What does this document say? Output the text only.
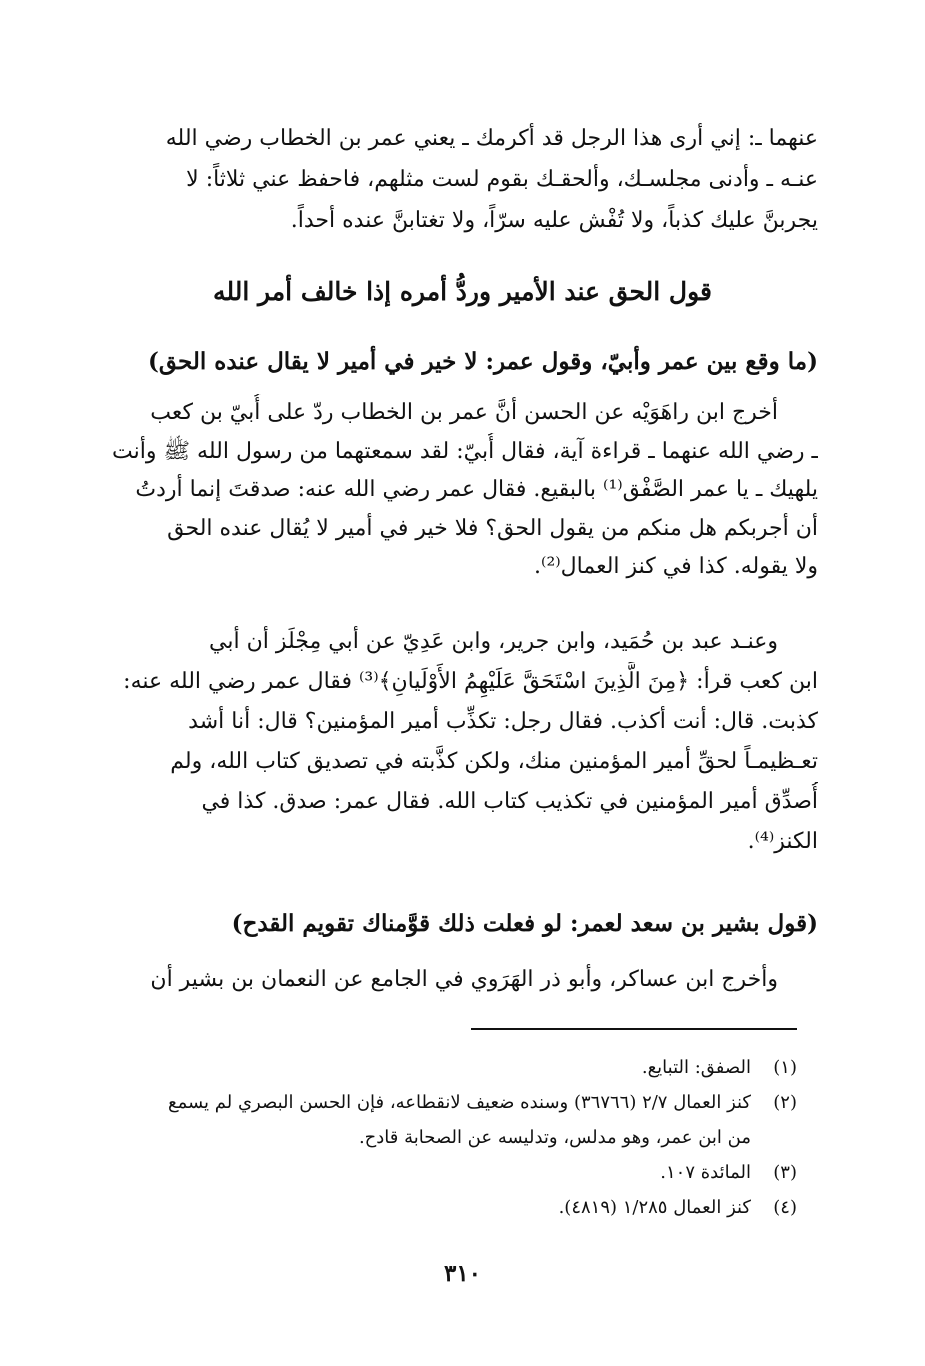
عنهما ـ: إني أرى هذا الرجل قد أكرمك ـ يعني عمر بن الخطاب رضي الله
عنـه ـ وأدنى مجلسـك، وألحقـك بقوم لست مثلهم، فاحفظ عني ثلاثاً: لا
يجربنَّ عليك كذباً، ولا تُفْش عليه سرّاً، ولا تغتابنَّ عنده أحداً.
قول الحق عند الأمير وردُّ أمره إذا خالف أمر الله
(ما وقع بين عمر وأبيّ، وقول عمر: لا خير في أمير لا يقال عنده الحق)
أخرج ابن راهَوَيْه عن الحسن أنَّ عمر بن الخطاب ردّ على أُبيّ بن كعب
ـ رضي الله عنهما ـ قراءة آية، فقال أُبيّ: لقد سمعتهما من رسول الله ﷺ وأنت
يلهيك ـ يا عمر الصَّفْق⁽¹⁾ بالبقيع. فقال عمر رضي الله عنه: صدقتَ إنما أردتُ
أن أجربكم هل منكم من يقول الحق؟ فلا خير في أمير لا يُقال عنده الحق
ولا يقوله. كذا في كنز العمال⁽²⁾.
وعنـد عبد بن حُمَيد، وابن جرير، وابن عَدِيّ عن أبي مِجْلَز أن أبي
ابن كعب قرأ: ﴿مِنَ الَّذِينَ اسْتَحَقَّ عَلَيْهِمُ الأَوْلَيانِ﴾⁽³⁾ فقال عمر رضي الله عنه:
كذبت. قال: أنت أكذب. فقال رجل: تكذِّب أمير المؤمنين؟ قال: أنا أشد
تعـظيمـاً لحقِّ أمير المؤمنين منك، ولكن كذَّبته في تصديق كتاب الله، ولم
أُصدِّق أمير المؤمنين في تكذيب كتاب الله. فقال عمر: صدق. كذا في
الكنز⁽⁴⁾.
(قول بشير بن سعد لعمر: لو فعلت ذلك قوَّمناك تقويم القدح)
وأخرج ابن عساكر، وأبو ذر الهَرَوي في الجامع عن النعمان بن بشير أن
(١)الصفق: التبايع.
(٢)كنز العمال ٢/٧ (٣٦٧٦٦) وسنده ضعيف لانقطاعه، فإن الحسن البصري لم يسمع
من ابن عمر، وهو مدلس، وتدليسه عن الصحابة قادح.
(٣)المائدة ١٠٧.
(٤)كنز العمال ١/٢٨٥ (٤٨١٩).
٣١٠
